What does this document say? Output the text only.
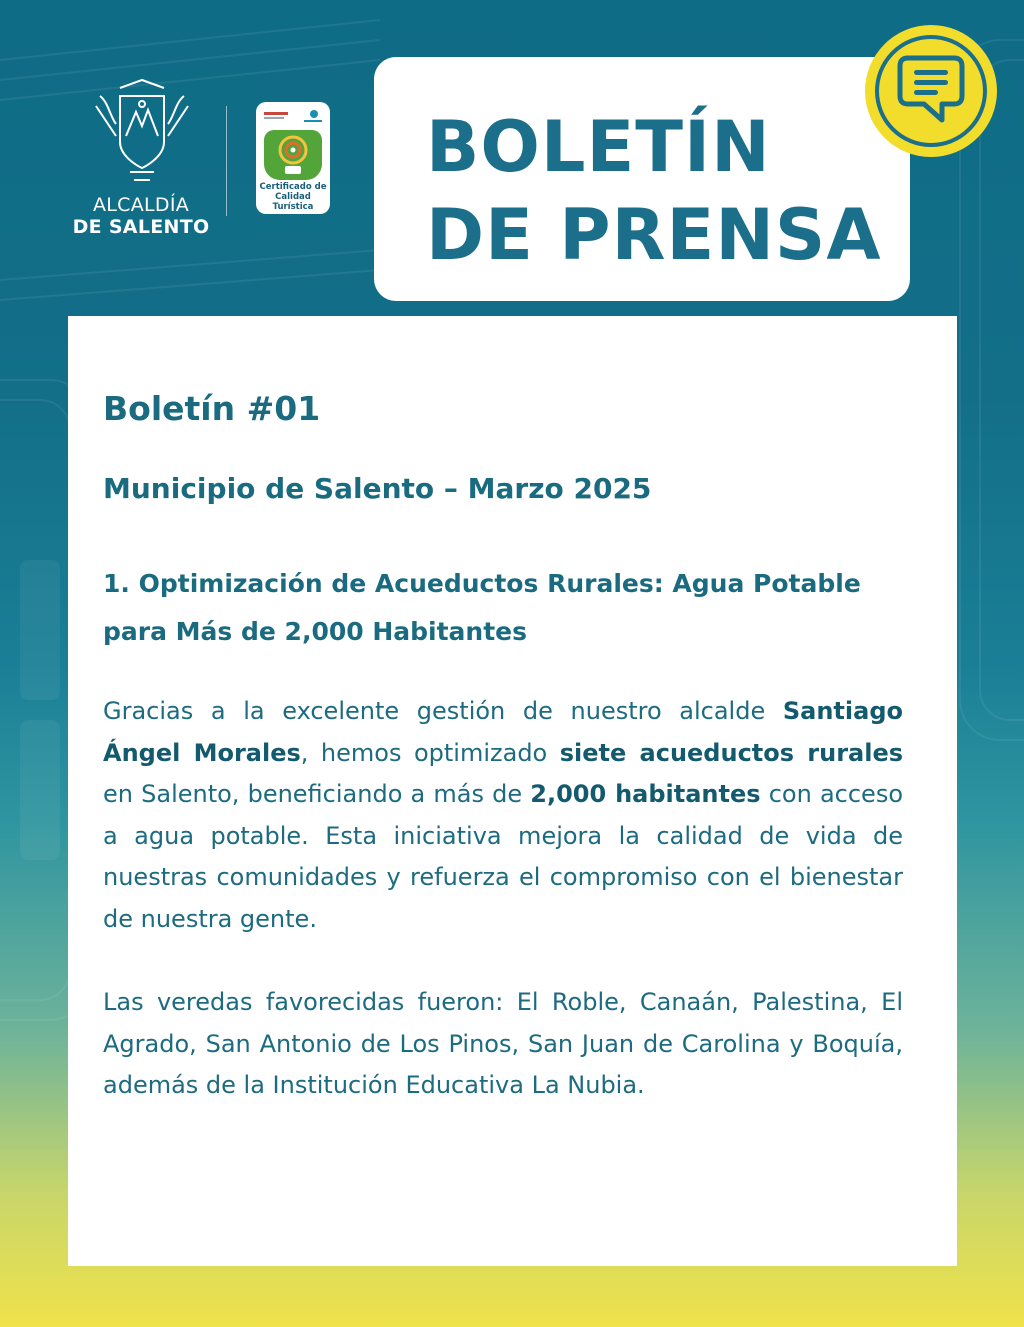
ALCALDÍA
DE SALENTO
Certificado de Calidad Turística
BOLETÍN
DE PRENSA
Boletín #01
Municipio de Salento – Marzo 2025
1. Optimización de Acueductos Rurales: Agua Potable para Más de 2,000 Habitantes

Gracias a la excelente gestión de nuestro alcalde Santiago Ángel Morales, hemos optimizado siete acueductos rurales en Salento, beneficiando a más de 2,000 habitantes con acceso a agua potable. Esta iniciativa mejora la calidad de vida de nuestras comunidades y refuerza el compromiso con el bienestar de nuestra gente.

Las veredas favorecidas fueron: El Roble, Canaán, Palestina, El Agrado, San Antonio de Los Pinos, San Juan de Carolina y Boquía, además de la Institución Educativa La Nubia.
